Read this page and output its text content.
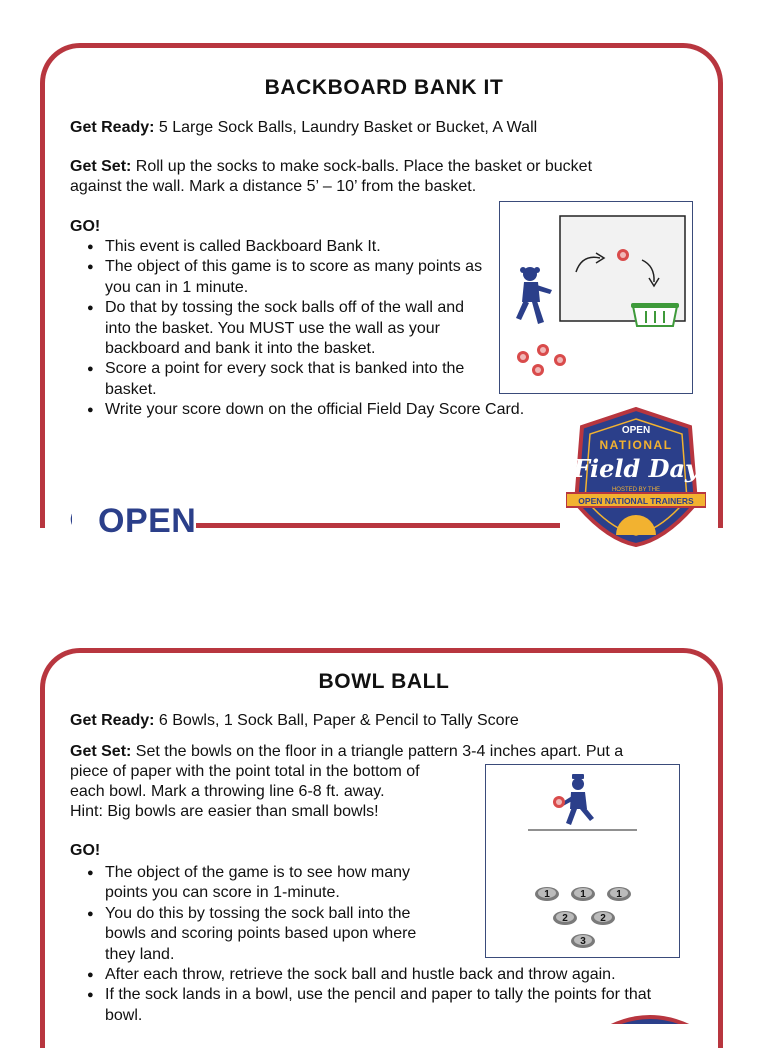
BACKBOARD BANK IT

Get Ready: 5 Large Sock Balls, Laundry Basket or Bucket, A Wall

Get Set: Roll up the socks to make sock-balls. Place the basket or bucket
against the wall. Mark a distance 5’ – 10’ from the basket.

GO!

● This event is called Backboard Bank It.
● The object of this game is to score as many points as you can in 1 minute.
● Do that by tossing the sock balls off of the wall and into the basket. You MUST use the wall as your backboard and bank it into the basket.
● Score a point for every sock that is banked into the basket.
● Write your score down on the official Field Day Score Card.
OPEN
NATIONAL
Field Day
HOSTED BY THE
OPEN NATIONAL TRAINERS
OPEN
BOWL BALL

Get Ready: 6 Bowls, 1 Sock Ball, Paper & Pencil to Tally Score

Get Set: Set the bowls on the floor in a triangle pattern 3-4 inches apart. Put a
piece of paper with the point total in the bottom of
each bowl. Mark a throwing line 6-8 ft. away.
Hint: Big bowls are easier than small bowls!

GO!

● The object of the game is to see how many points you can score in 1-minute.
● You do this by tossing the sock ball into the bowls and scoring points based upon where they land.
● After each throw, retrieve the sock ball and hustle back and throw again.
● If the sock lands in a bowl, use the pencil and paper to tally the points for that bowl.
1	1	1
2	2
3
